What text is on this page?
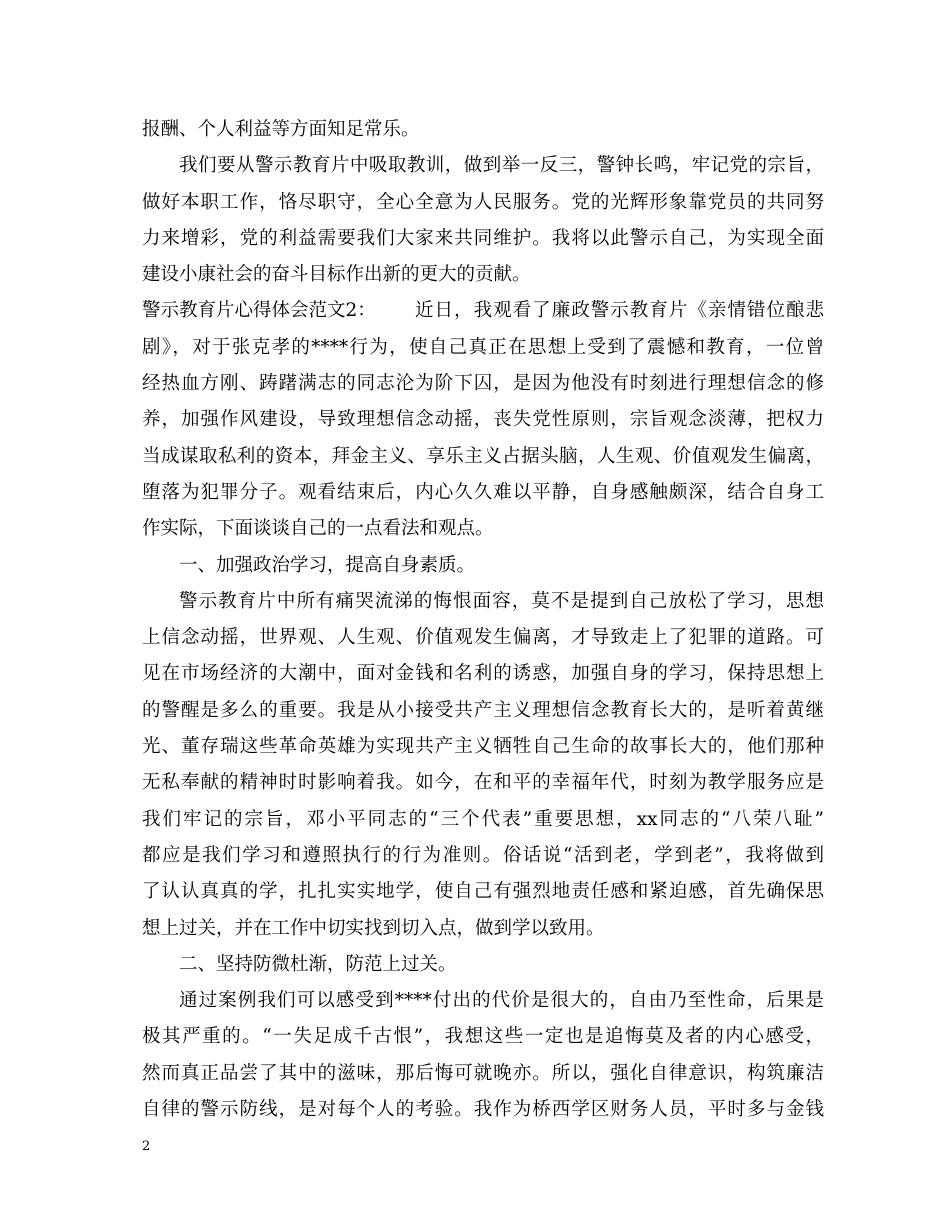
报酬、个人利益等方面知足常乐。
我们要从警示教育片中吸取教训，做到举一反三，警钟长鸣，牢记党的宗旨，
做好本职工作，恪尽职守，全心全意为人民服务。党的光辉形象靠党员的共同努
力来增彩，党的利益需要我们大家来共同维护。我将以此警示自己，为实现全面
建设小康社会的奋斗目标作出新的更大的贡献。
警示教育片心得体会范文2： 近日，我观看了廉政警示教育片《亲情错位酿悲
剧》，对于张克孝的****行为，使自己真正在思想上受到了震憾和教育，一位曾
经热血方刚、踌躇满志的同志沦为阶下囚，是因为他没有时刻进行理想信念的修
养，加强作风建设，导致理想信念动摇，丧失党性原则，宗旨观念淡薄，把权力
当成谋取私利的资本，拜金主义、享乐主义占据头脑，人生观、价值观发生偏离，
堕落为犯罪分子。观看结束后，内心久久难以平静，自身感触颇深，结合自身工
作实际，下面谈谈自己的一点看法和观点。
一、加强政治学习，提高自身素质。
警示教育片中所有痛哭流涕的悔恨面容，莫不是提到自己放松了学习，思想
上信念动摇，世界观、人生观、价值观发生偏离，才导致走上了犯罪的道路。可
见在市场经济的大潮中，面对金钱和名利的诱惑，加强自身的学习，保持思想上
的警醒是多么的重要。我是从小接受共产主义理想信念教育长大的，是听着黄继
光、董存瑞这些革命英雄为实现共产主义牺牲自己生命的故事长大的，他们那种
无私奉献的精神时时影响着我。如今，在和平的幸福年代，时刻为教学服务应是
我们牢记的宗旨，邓小平同志的“三个代表”重要思想，xx同志的“八荣八耻”
都应是我们学习和遵照执行的行为准则。俗话说“活到老，学到老”，我将做到
了认认真真的学，扎扎实实地学，使自己有强烈地责任感和紧迫感，首先确保思
想上过关，并在工作中切实找到切入点，做到学以致用。
二、坚持防微杜渐，防范上过关。
通过案例我们可以感受到****付出的代价是很大的，自由乃至性命，后果是
极其严重的。“一失足成千古恨”，我想这些一定也是追悔莫及者的内心感受，
然而真正品尝了其中的滋味，那后悔可就晚亦。所以，强化自律意识，构筑廉洁
自律的警示防线，是对每个人的考验。我作为桥西学区财务人员，平时多与金钱
2
